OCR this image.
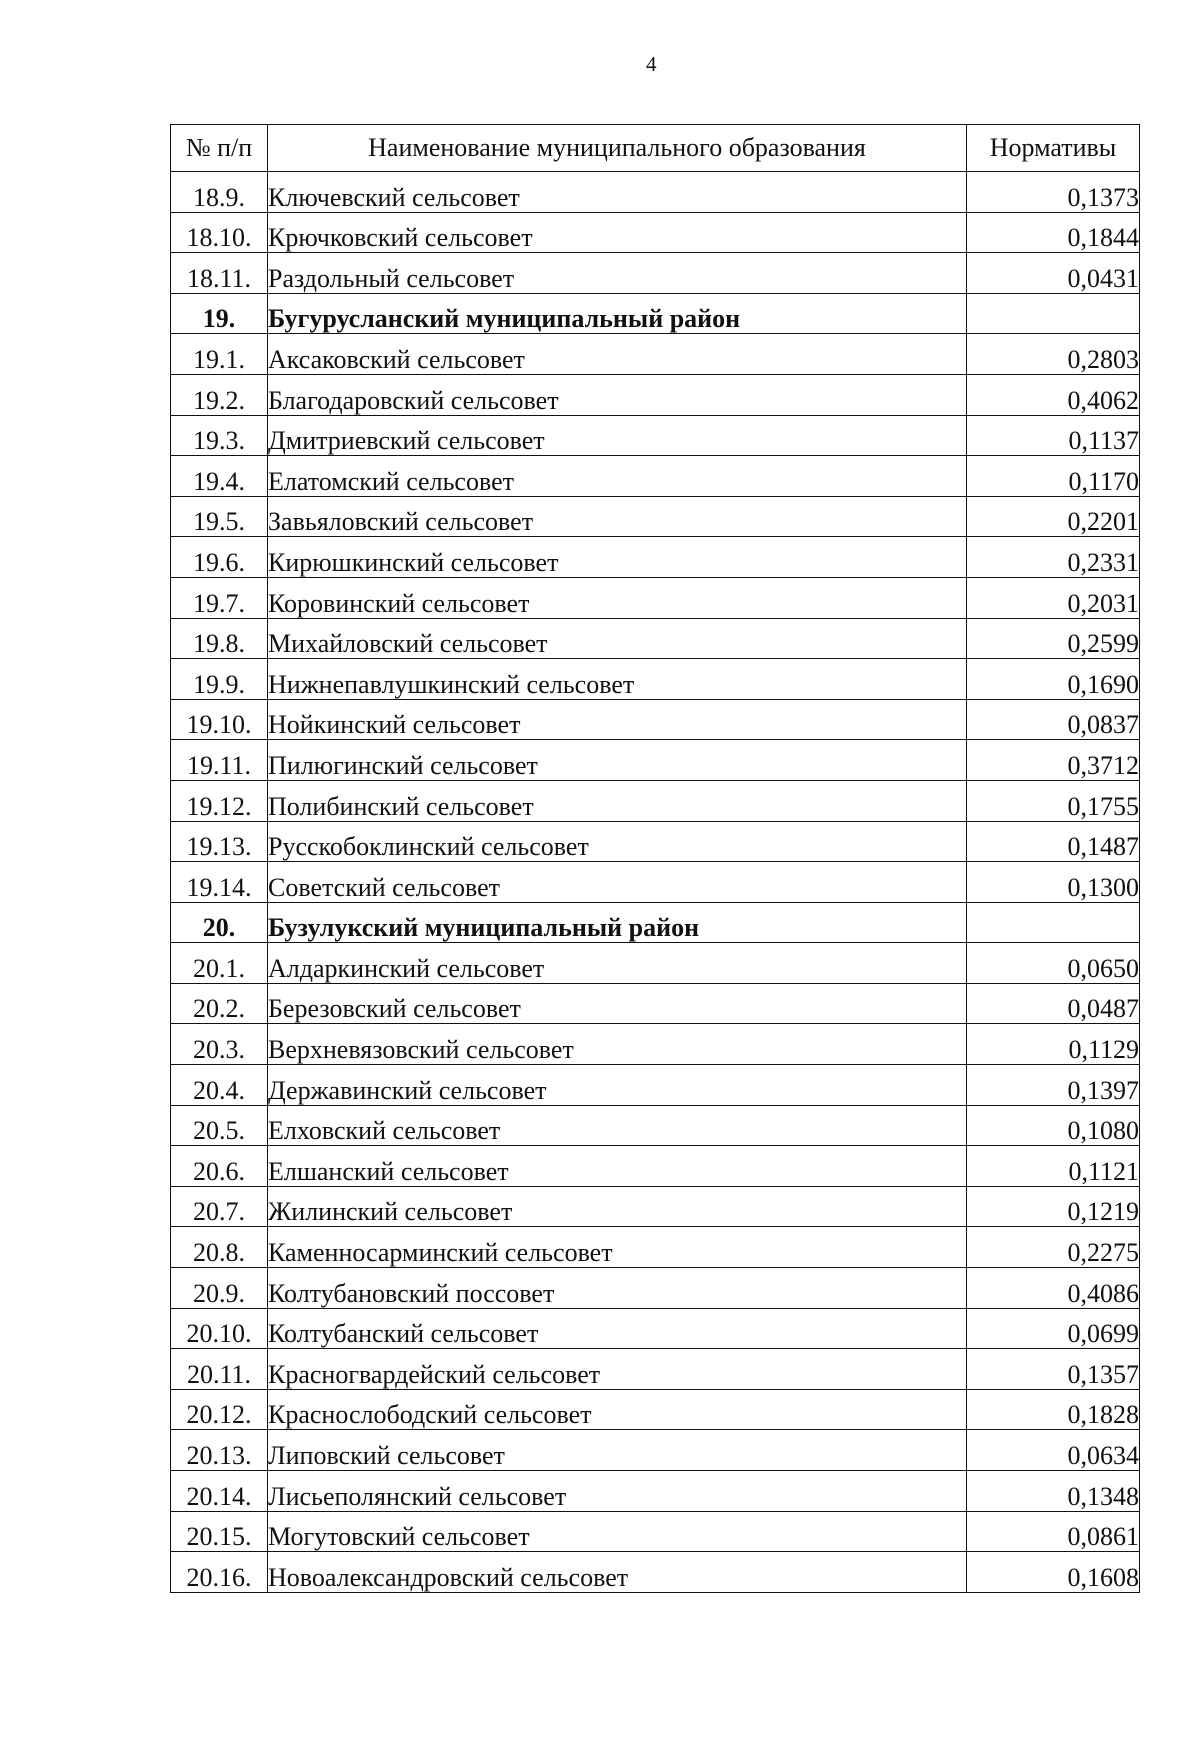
4
№ п/п	Наименование муниципального образования	Нормативы
18.9.	Ключевский сельсовет	0,1373
18.10.	Крючковский сельсовет	0,1844
18.11.	Раздольный сельсовет	0,0431
19.	Бугурусланский муниципальный район	
19.1.	Аксаковский сельсовет	0,2803
19.2.	Благодаровский сельсовет	0,4062
19.3.	Дмитриевский сельсовет	0,1137
19.4.	Елатомский сельсовет	0,1170
19.5.	Завьяловский сельсовет	0,2201
19.6.	Кирюшкинский сельсовет	0,2331
19.7.	Коровинский сельсовет	0,2031
19.8.	Михайловский сельсовет	0,2599
19.9.	Нижнепавлушкинский сельсовет	0,1690
19.10.	Нойкинский сельсовет	0,0837
19.11.	Пилюгинский сельсовет	0,3712
19.12.	Полибинский сельсовет	0,1755
19.13.	Русскобоклинский сельсовет	0,1487
19.14.	Советский сельсовет	0,1300
20.	Бузулукский муниципальный район	
20.1.	Алдаркинский сельсовет	0,0650
20.2.	Березовский сельсовет	0,0487
20.3.	Верхневязовский сельсовет	0,1129
20.4.	Державинский сельсовет	0,1397
20.5.	Елховский сельсовет	0,1080
20.6.	Елшанский сельсовет	0,1121
20.7.	Жилинский сельсовет	0,1219
20.8.	Каменносарминский сельсовет	0,2275
20.9.	Колтубановский поссовет	0,4086
20.10.	Колтубанский сельсовет	0,0699
20.11.	Красногвардейский сельсовет	0,1357
20.12.	Краснослободский сельсовет	0,1828
20.13.	Липовский сельсовет	0,0634
20.14.	Лисьеполянский сельсовет	0,1348
20.15.	Могутовский сельсовет	0,0861
20.16.	Новоалександровский сельсовет	0,1608
